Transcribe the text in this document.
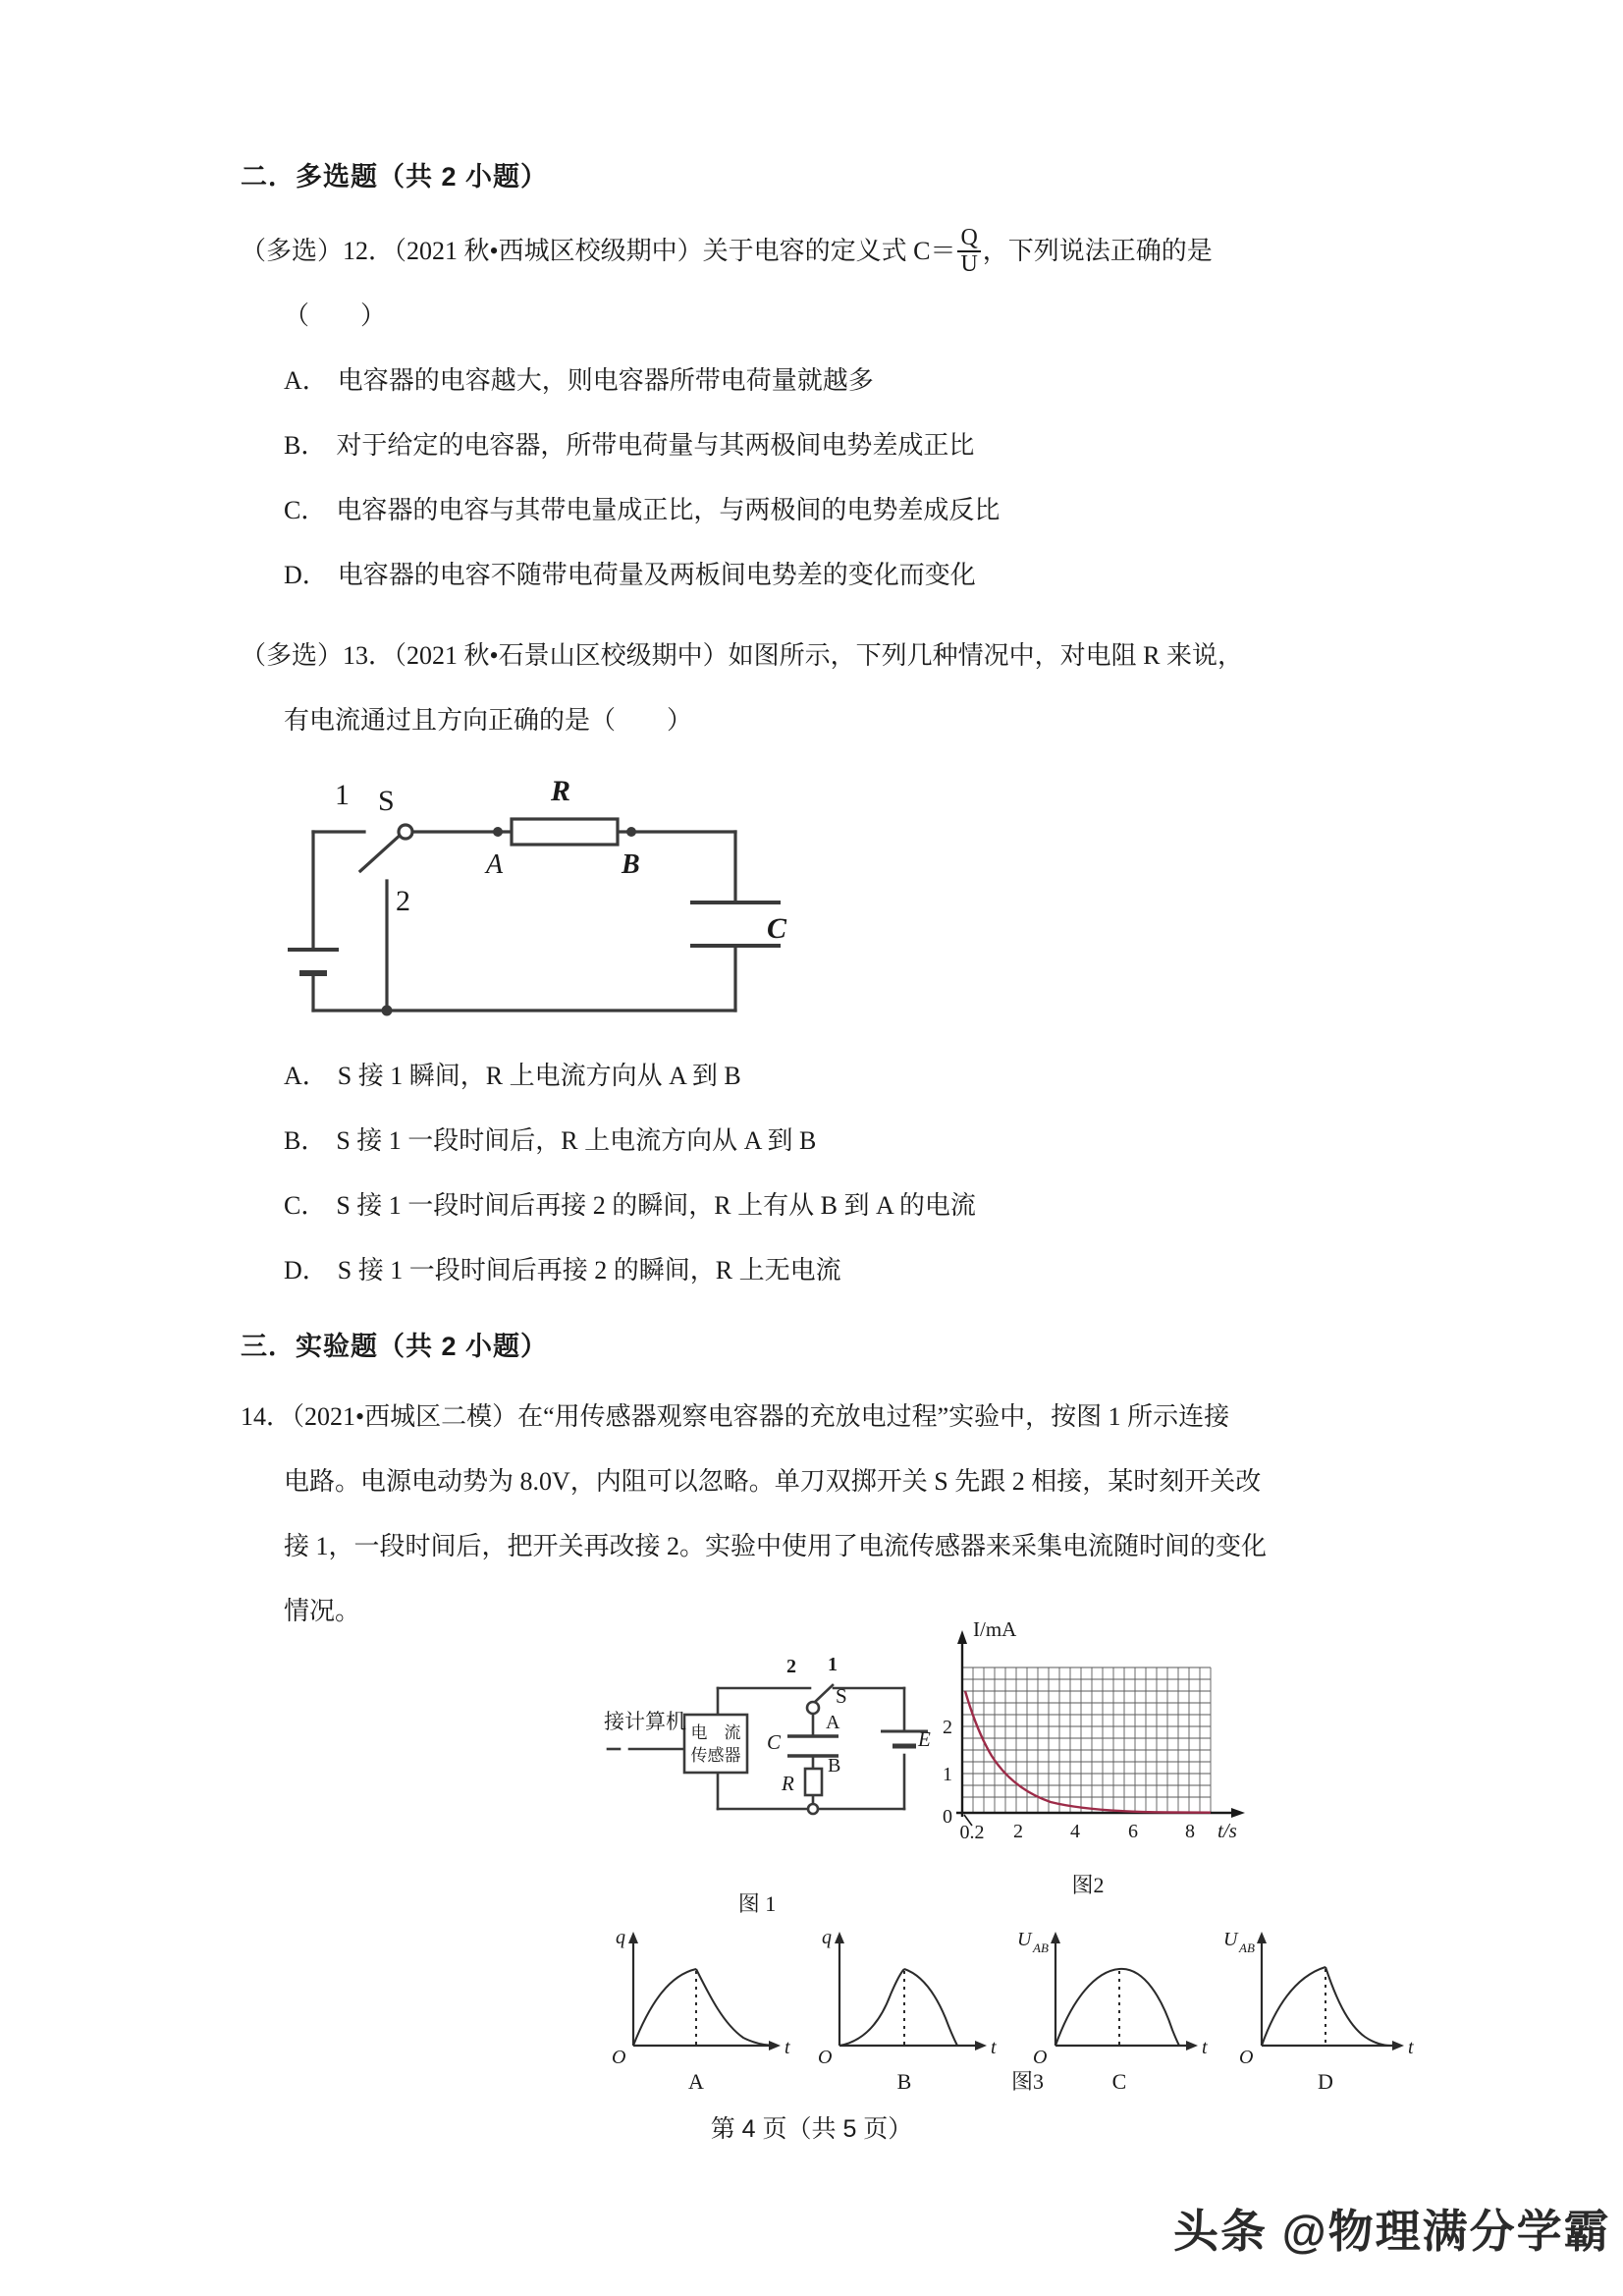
二．多选题（共 2 小题）
（多选）12．（2021 秋•西城区校级期中）关于电容的定义式 $C= \frac{Q}{U}$ ，下列说法正确的是
（　　）
A． 电容器的电容越大，则电容器所带电荷量就越多
B． 对于给定的电容器，所带电荷量与其两极间电势差成正比
C． 电容器的电容与其带电量成正比，与两极间的电势差成反比
D． 电容器的电容不随带电荷量及两板间电势差的变化而变化
（多选）13．（2021 秋•石景山区校级期中）如图所示，下列几种情况中，对电阻 R 来说，
有电流通过且方向正确的是（　　）
1 S
2
R
A	B
C
A． S 接 1 瞬间，R 上电流方向从 A 到 B
B． S 接 1 一段时间后，R 上电流方向从 A 到 B
C． S 接 1 一段时间后再接 2 的瞬间，R 上有从 B 到 A 的电流
D． S 接 1 一段时间后再接 2 的瞬间，R 上无电流
三．实验题（共 2 小题）
14．（2021•西城区二模）在“用传感器观察电容器的充放电过程”实验中，按图 1 所示连接
电路。电源电动势为 8.0V，内阻可以忽略。单刀双掷开关 S 先跟 2 相接，某时刻开关改
接 1，一段时间后，把开关再改接 2。实验中使用了电流传感器来采集电流随时间的变化
情况。
电　流
传感器
接计算机
2 1
S
A
B
C
R
E
图 1
0
1
2
0.2 2 4 6 8
I/mA
t/s
图2
q
O	t
A
q
O	t
B
U AB
O	t
C
U AB
O	t
D
图3
第 4 页（共 5 页）
头条 @物理满分学霸
